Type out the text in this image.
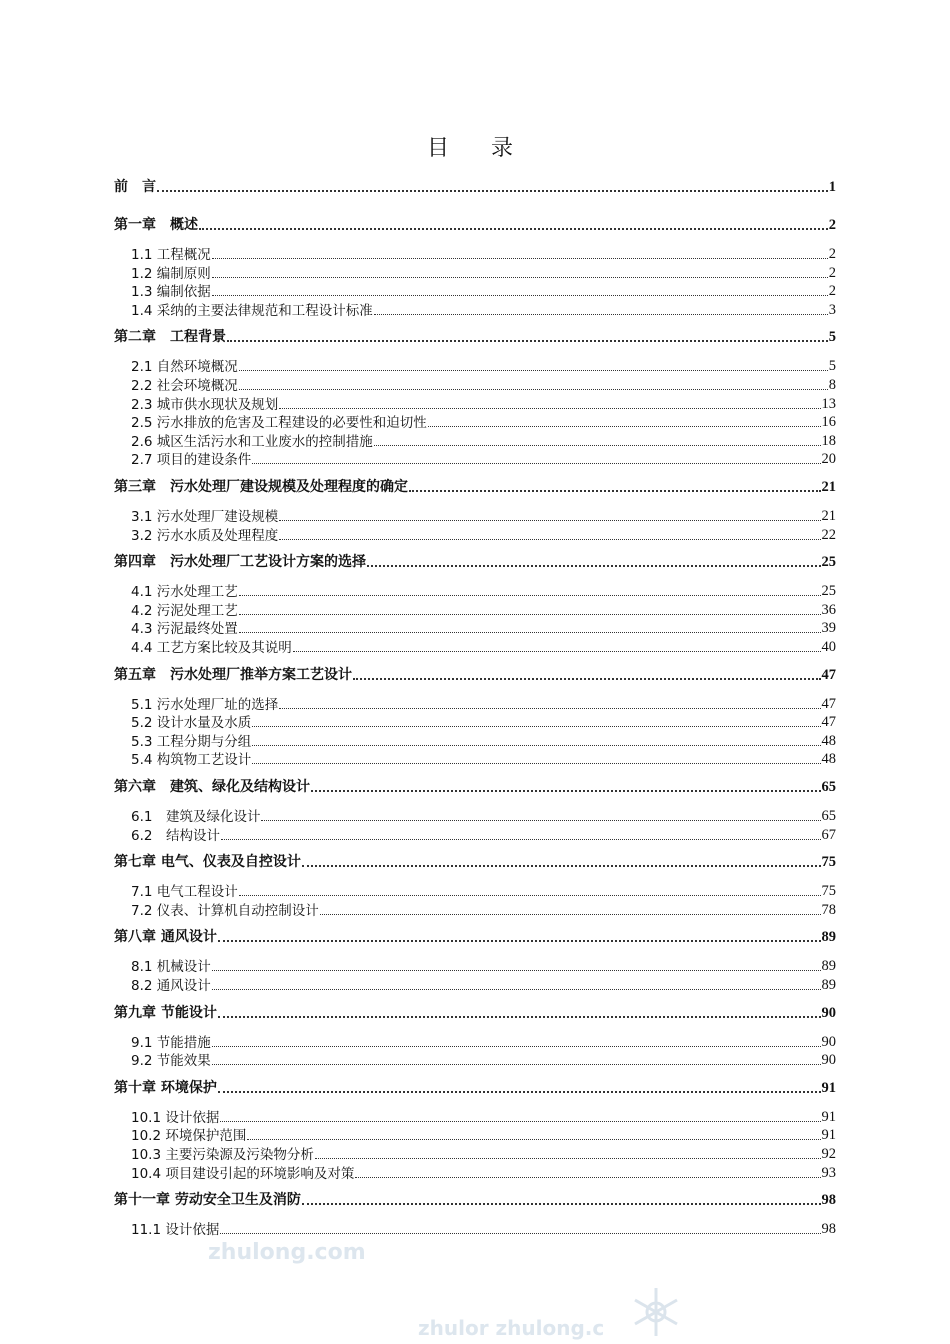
目　录
前　言	1
第一章　概述	2
1.1 工程概况	2
1.2 编制原则	2
1.3 编制依据	2
1.4 采纳的主要法律规范和工程设计标准	3
第二章　工程背景	5
2.1 自然环境概况	5
2.2 社会环境概况	8
2.3 城市供水现状及规划	13
2.5 污水排放的危害及工程建设的必要性和迫切性	16
2.6 城区生活污水和工业废水的控制措施	18
2.7 项目的建设条件	20
第三章　污水处理厂建设规模及处理程度的确定	21
3.1 污水处理厂建设规模	21
3.2 污水水质及处理程度	22
第四章　污水处理厂工艺设计方案的选择	25
4.1 污水处理工艺	25
4.2 污泥处理工艺	36
4.3 污泥最终处置	39
4.4 工艺方案比较及其说明	40
第五章　污水处理厂推举方案工艺设计	47
5.1 污水处理厂址的选择	47
5.2 设计水量及水质	47
5.3 工程分期与分组	48
5.4 构筑物工艺设计	48
第六章　建筑、绿化及结构设计	65
6.1　建筑及绿化设计	65
6.2　结构设计	67
第七章 电气、仪表及自控设计	75
7.1 电气工程设计	75
7.2 仪表、计算机自动控制设计	78
第八章 通风设计	89
8.1 机械设计	89
8.2 通风设计	89
第九章 节能设计	90
9.1 节能措施	90
9.2 节能效果	90
第十章 环境保护	91
10.1 设计依据	91
10.2 环境保护范围	91
10.3 主要污染源及污染物分析	92
10.4 项目建设引起的环境影响及对策	93
第十一章 劳动安全卫生及消防	98
11.1 设计依据	98
zhulong.com
zhulor zhulong.c
